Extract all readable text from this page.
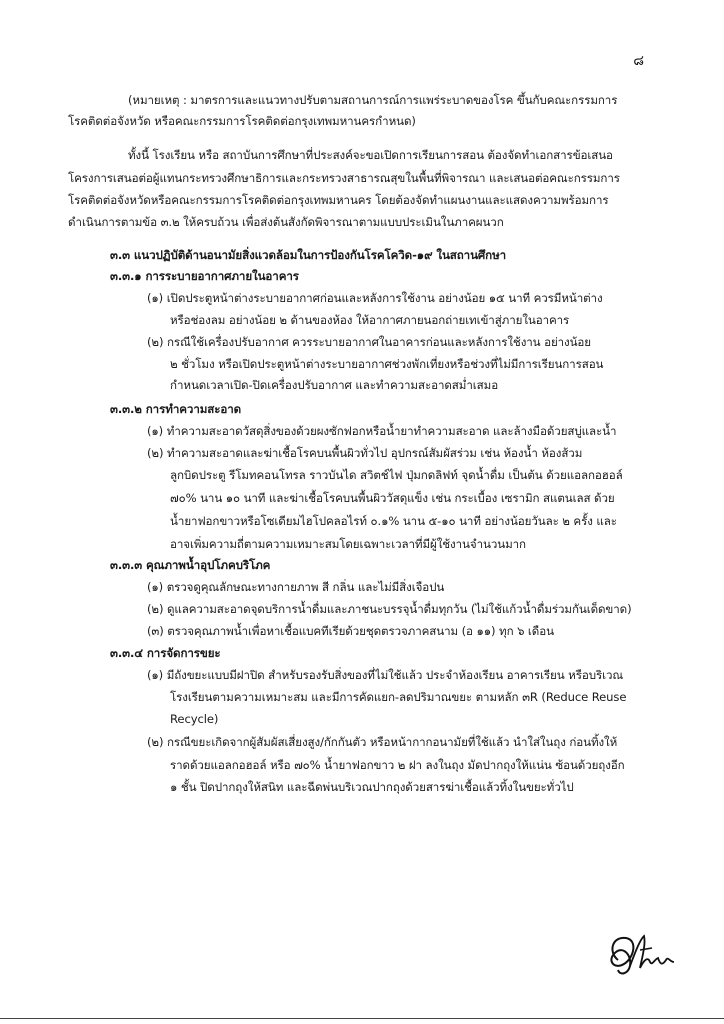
๘
(หมายเหตุ : มาตรการและแนวทางปรับตามสถานการณ์การแพร่ระบาดของโรค ขึ้นกับคณะกรรมการ
โรคติดต่อจังหวัด หรือคณะกรรมการโรคติดต่อกรุงเทพมหานครกำหนด)
ทั้งนี้ โรงเรียน หรือ สถาบันการศึกษาที่ประสงค์จะขอเปิดการเรียนการสอน ต้องจัดทำเอกสารข้อเสนอ
โครงการเสนอต่อผู้แทนกระทรวงศึกษาธิการและกระทรวงสาธารณสุขในพื้นที่พิจารณา และเสนอต่อคณะกรรมการ
โรคติดต่อจังหวัดหรือคณะกรรมการโรคติดต่อกรุงเทพมหานคร โดยต้องจัดทำแผนงานและแสดงความพร้อมการ
ดำเนินการตามข้อ ๓.๒ ให้ครบถ้วน เพื่อส่งต้นสังกัดพิจารณาตามแบบประเมินในภาคผนวก
๓.๓ แนวปฏิบัติด้านอนามัยสิ่งแวดล้อมในการป้องกันโรคโควิด-๑๙ ในสถานศึกษา
๓.๓.๑ การระบายอากาศภายในอาคาร
(๑) เปิดประตูหน้าต่างระบายอากาศก่อนและหลังการใช้งาน อย่างน้อย ๑๕ นาที ควรมีหน้าต่าง
หรือช่องลม อย่างน้อย ๒ ด้านของห้อง ให้อากาศภายนอกถ่ายเทเข้าสู่ภายในอาคาร
(๒) กรณีใช้เครื่องปรับอากาศ ควรระบายอากาศในอาคารก่อนและหลังการใช้งาน อย่างน้อย
๒ ชั่วโมง หรือเปิดประตูหน้าต่างระบายอากาศช่วงพักเที่ยงหรือช่วงที่ไม่มีการเรียนการสอน
กำหนดเวลาเปิด-ปิดเครื่องปรับอากาศ และทำความสะอาดสม่ำเสมอ
๓.๓.๒ การทำความสะอาด
(๑) ทำความสะอาดวัสดุสิ่งของด้วยผงซักฟอกหรือน้ำยาทำความสะอาด และล้างมือด้วยสบู่และน้ำ
(๒) ทำความสะอาดและฆ่าเชื้อโรคบนพื้นผิวทั่วไป อุปกรณ์สัมผัสร่วม เช่น ห้องน้ำ ห้องส้วม
ลูกบิดประตู รีโมทคอนโทรล ราวบันได สวิตช์ไฟ ปุ่มกดลิฟท์ จุดน้ำดื่ม เป็นต้น ด้วยแอลกอฮอล์
๗๐% นาน ๑๐ นาที และฆ่าเชื้อโรคบนพื้นผิววัสดุแข็ง เช่น กระเบื้อง เซรามิก สแตนเลส ด้วย
น้ำยาฟอกขาวหรือโซเดียมไฮโปคลอไรท์ ๐.๑% นาน ๕-๑๐ นาที อย่างน้อยวันละ ๒ ครั้ง และ
อาจเพิ่มความถี่ตามความเหมาะสมโดยเฉพาะเวลาที่มีผู้ใช้งานจำนวนมาก
๓.๓.๓ คุณภาพน้ำอุปโภคบริโภค
(๑) ตรวจดูคุณลักษณะทางกายภาพ สี กลิ่น และไม่มีสิ่งเจือปน
(๒) ดูแลความสะอาดจุดบริการน้ำดื่มและภาชนะบรรจุน้ำดื่มทุกวัน (ไม่ใช้แก้วน้ำดื่มร่วมกันเด็ดขาด)
(๓) ตรวจคุณภาพน้ำเพื่อหาเชื้อแบคทีเรียด้วยชุดตรวจภาคสนาม (อ ๑๑) ทุก ๖ เดือน
๓.๓.๔ การจัดการขยะ
(๑) มีถังขยะแบบมีฝาปิด สำหรับรองรับสิ่งของที่ไม่ใช้แล้ว ประจำห้องเรียน อาคารเรียน หรือบริเวณ
โรงเรียนตามความเหมาะสม และมีการคัดแยก-ลดปริมาณขยะ ตามหลัก ๓R (Reduce Reuse
Recycle)
(๒) กรณีขยะเกิดจากผู้สัมผัสเสี่ยงสูง/กักกันตัว หรือหน้ากากอนามัยที่ใช้แล้ว นำใส่ในถุง ก่อนทิ้งให้
ราดด้วยแอลกอฮอล์ หรือ ๗๐% น้ำยาฟอกขาว ๒ ฝา ลงในถุง มัดปากถุงให้แน่น ซ้อนด้วยถุงอีก
๑ ชั้น ปิดปากถุงให้สนิท และฉีดพ่นบริเวณปากถุงด้วยสารฆ่าเชื้อแล้วทิ้งในขยะทั่วไป
